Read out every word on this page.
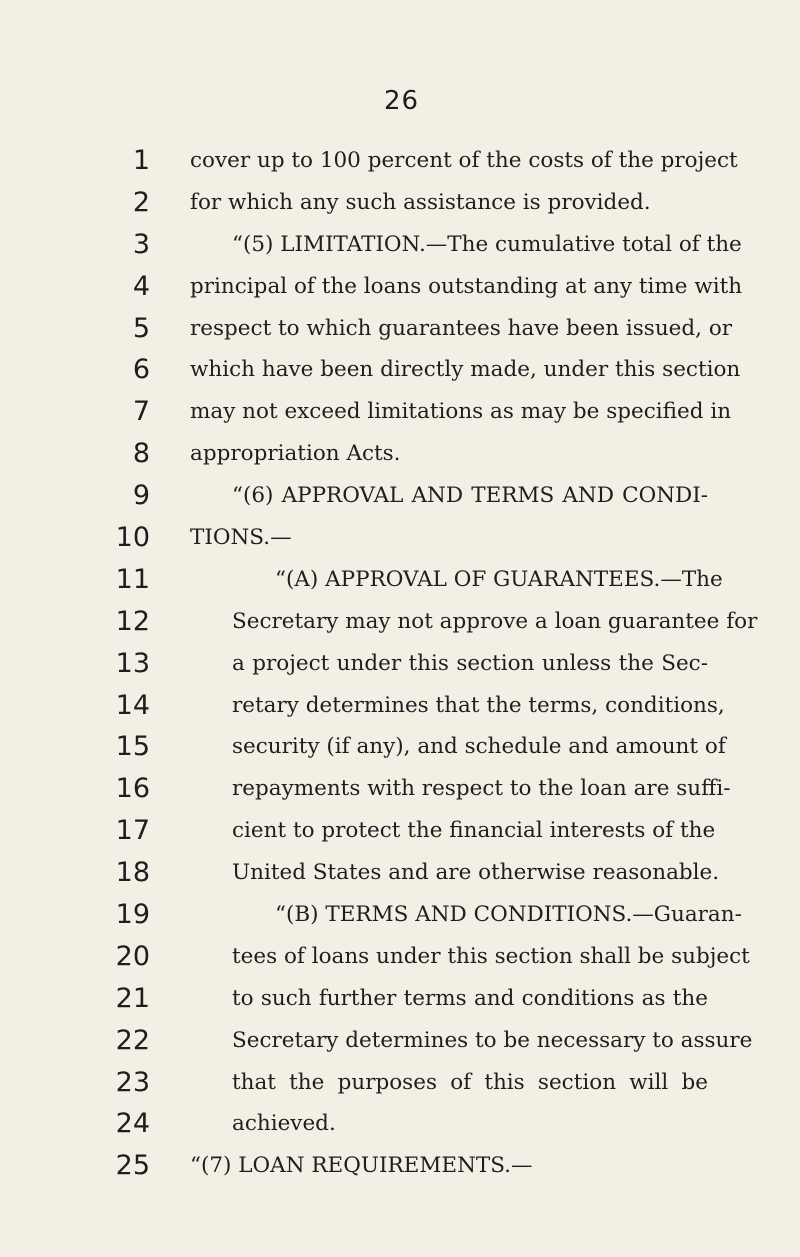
26
1
2
3
4
5
6
7
8
9
10
11
12
13
14
15
16
17
18
19
20
21
22
23
24
25
cover up to 100 percent of the costs of the project
for which any such assistance is provided.
“(5) LIMITATION.—The cumulative total of the
principal of the loans outstanding at any time with
respect to which guarantees have been issued, or
which have been directly made, under this section
may not exceed limitations as may be specified in
appropriation Acts.
“(6) APPROVAL AND TERMS AND CONDI-
TIONS.—
“(A) APPROVAL OF GUARANTEES.—The
Secretary may not approve a loan guarantee for
a project under this section unless the Sec-
retary determines that the terms, conditions,
security (if any), and schedule and amount of
repayments with respect to the loan are suffi-
cient to protect the financial interests of the
United States and are otherwise reasonable.
“(B) TERMS AND CONDITIONS.—Guaran-
tees of loans under this section shall be subject
to such further terms and conditions as the
Secretary determines to be necessary to assure
that the purposes of this section will be
achieved.
“(7) LOAN REQUIREMENTS.—
